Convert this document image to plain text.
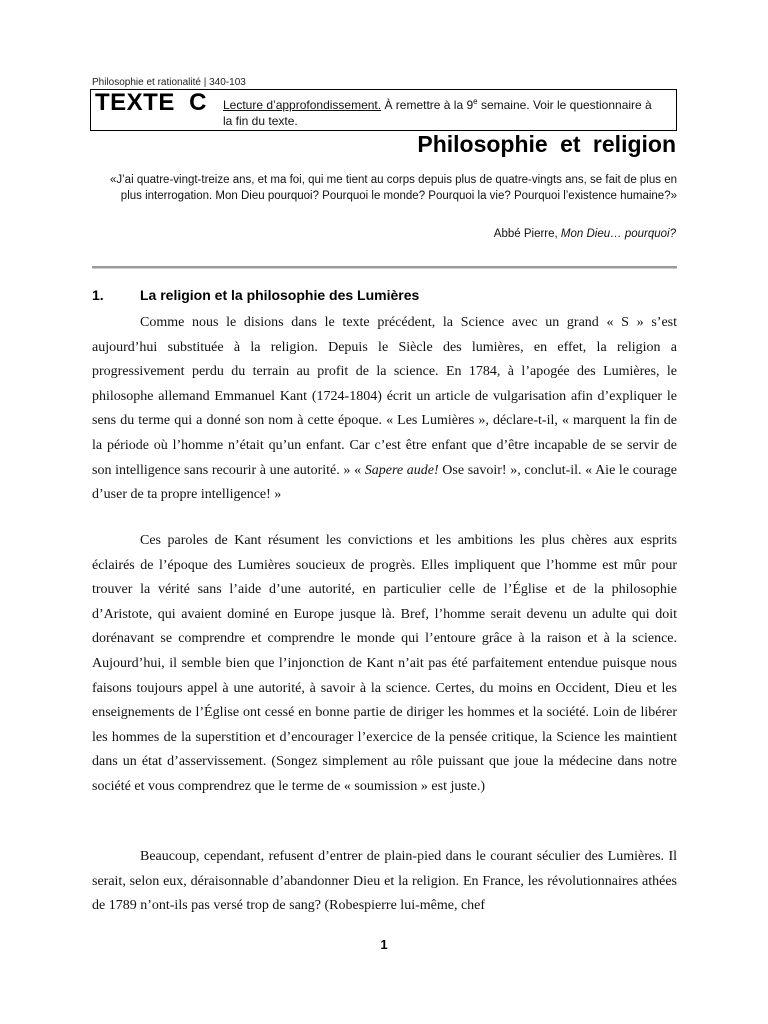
Philosophie et rationalité | 340-103
TEXTE  C Lecture d’approfondissement. À remettre à la 9e semaine. Voir le questionnaire à la fin du texte.
Philosophie et religion

«J’ai quatre-vingt-treize ans, et ma foi, qui me tient au corps depuis plus de quatre-vingts ans, se fait de plus en plus interrogation. Mon Dieu pourquoi? Pourquoi le monde? Pourquoi la vie? Pourquoi l’existence humaine?»

Abbé Pierre, Mon Dieu… pourquoi?
1.	La religion et la philosophie des Lumières

Comme nous le disions dans le texte précédent, la Science avec un grand « S » s’est aujourd’hui substituée à la religion. Depuis le Siècle des lumières, en effet, la religion a progressivement perdu du terrain au profit de la science. En 1784, à l’apogée des Lumières, le philosophe allemand Emmanuel Kant (1724-1804) écrit un article de vulgarisation afin d’expliquer le sens du terme qui a donné son nom à cette époque. « Les Lumières », déclare-t-il, « marquent la fin de la période où l’homme n’était qu’un enfant. Car c’est être enfant que d’être incapable de se servir de son intelligence sans recourir à une autorité. » « Sapere aude! Ose savoir! », conclut-il. « Aie le courage d’user de ta propre intelligence! »

Ces paroles de Kant résument les convictions et les ambitions les plus chères aux esprits éclairés de l’époque des Lumières soucieux de progrès. Elles impliquent que l’homme est mûr pour trouver la vérité sans l’aide d’une autorité, en particulier celle de l’Église et de la philosophie d’Aristote, qui avaient dominé en Europe jusque là. Bref, l’homme serait devenu un adulte qui doit dorénavant se comprendre et comprendre le monde qui l’entoure grâce à la raison et à la science. Aujourd’hui, il semble bien que l’injonction de Kant n’ait pas été parfaitement entendue puisque nous faisons toujours appel à une autorité, à savoir à la science. Certes, du moins en Occident, Dieu et les enseignements de l’Église ont cessé en bonne partie de diriger les hommes et la société. Loin de libérer les hommes de la superstition et d’encourager l’exercice de la pensée critique, la Science les maintient dans un état d’asservissement. (Songez simplement au rôle puissant que joue la médecine dans notre société et vous comprendrez que le terme de « soumission » est juste.)

Beaucoup, cependant, refusent d’entrer de plain-pied dans le courant séculier des Lumières. Il serait, selon eux, déraisonnable d’abandonner Dieu et la religion. En France, les révolutionnaires athées de 1789 n’ont-ils pas versé trop de sang? (Robespierre lui-même, chef

1
